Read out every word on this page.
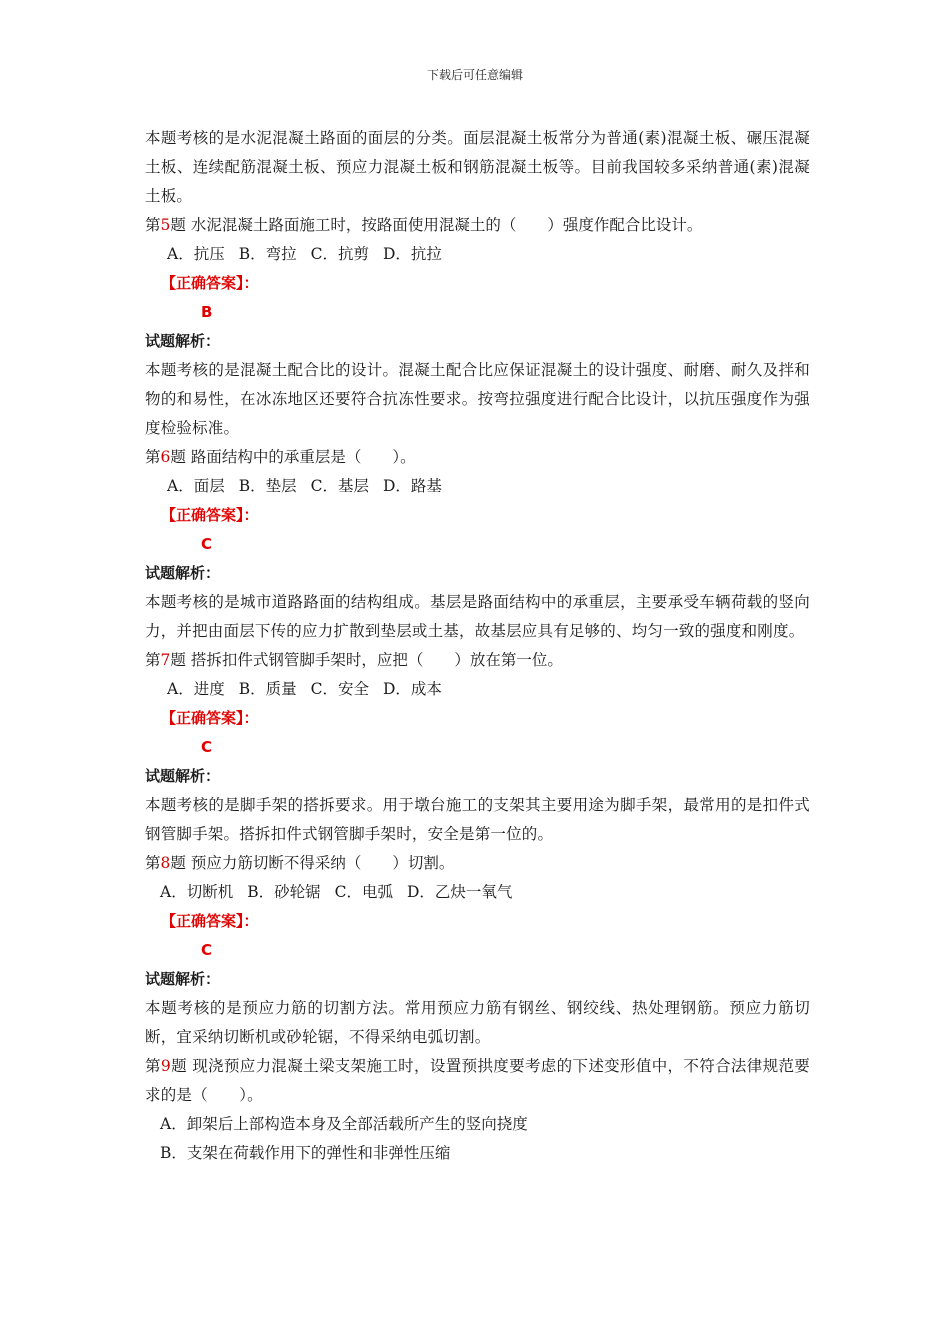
下载后可任意编辑

本题考核的是水泥混凝土路面的面层的分类。面层混凝土板常分为普通(素)混凝土板、碾压混凝土板、连续配筋混凝土板、预应力混凝土板和钢筋混凝土板等。目前我国较多采纳普通(素)混凝土板。

第5题 水泥混凝土路面施工时，按路面使用混凝土的（　　）强度作配合比设计。

A．抗压 B．弯拉 C．抗剪 D．抗拉

【正确答案】：

B

试题解析：

本题考核的是混凝土配合比的设计。混凝土配合比应保证混凝土的设计强度、耐磨、耐久及拌和物的和易性，在冰冻地区还要符合抗冻性要求。按弯拉强度进行配合比设计，以抗压强度作为强度检验标准。

第6题 路面结构中的承重层是（　　）。

A．面层 B．垫层 C．基层 D．路基

【正确答案】：

C

试题解析：

本题考核的是城市道路路面的结构组成。基层是路面结构中的承重层，主要承受车辆荷载的竖向力，并把由面层下传的应力扩散到垫层或土基，故基层应具有足够的、均匀一致的强度和刚度。

第7题 搭拆扣件式钢管脚手架时，应把（　　）放在第一位。

A．进度 B．质量 C．安全 D．成本

【正确答案】：

C

试题解析：

本题考核的是脚手架的搭拆要求。用于墩台施工的支架其主要用途为脚手架，最常用的是扣件式钢管脚手架。搭拆扣件式钢管脚手架时，安全是第一位的。

第8题 预应力筋切断不得采纳（　　）切割。

A．切断机 B．砂轮锯 C．电弧 D．乙炔一氧气

【正确答案】：

C

试题解析：

本题考核的是预应力筋的切割方法。常用预应力筋有钢丝、钢绞线、热处理钢筋。预应力筋切断，宜采纳切断机或砂轮锯，不得采纳电弧切割。

第9题 现浇预应力混凝土梁支架施工时，设置预拱度要考虑的下述变形值中，不符合法律规范要求的是（　　）。

A．卸架后上部构造本身及全部活载所产生的竖向挠度

B．支架在荷载作用下的弹性和非弹性压缩
